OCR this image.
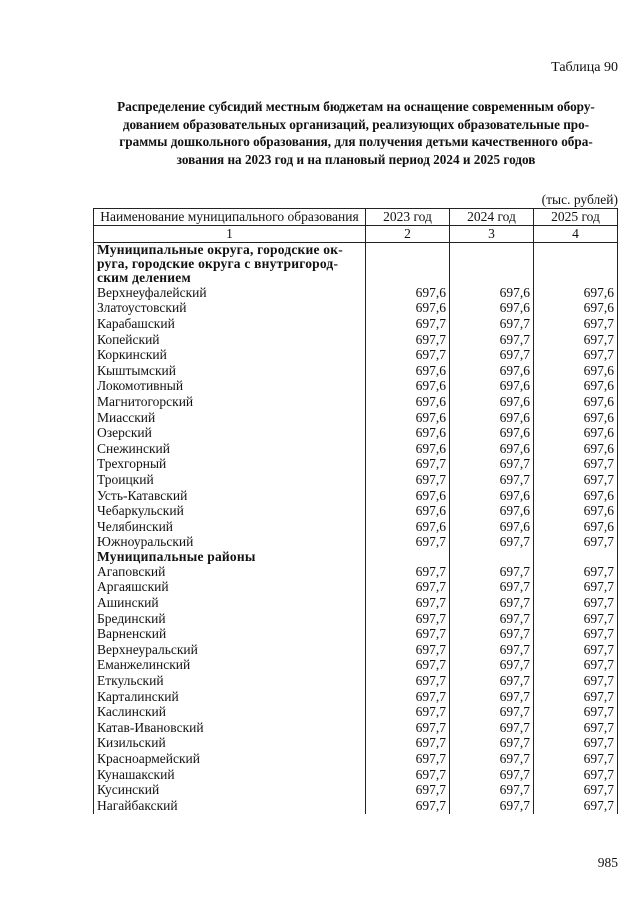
Таблица 90
Распределение субсидий местным бюджетам на оснащение современным обору-
дованием образовательных организаций, реализующих образовательные про-
граммы дошкольного образования, для получения детьми качественного обра-
зования на 2023 год и на плановый период 2024 и 2025 годов
(тыс. рублей)
Наименование муниципального образования	2023 год	2024 год	2025 год
1	2	3	4
Муниципальные округа, городские ок-			
руга, городские округа с внутригород-			
ским делением			
Верхнеуфалейский	697,6	697,6	697,6
Златоустовский	697,6	697,6	697,6
Карабашский	697,7	697,7	697,7
Копейский	697,7	697,7	697,7
Коркинский	697,7	697,7	697,7
Кыштымский	697,6	697,6	697,6
Локомотивный	697,6	697,6	697,6
Магнитогорский	697,6	697,6	697,6
Миасский	697,6	697,6	697,6
Озерский	697,6	697,6	697,6
Снежинский	697,6	697,6	697,6
Трехгорный	697,7	697,7	697,7
Троицкий	697,7	697,7	697,7
Усть-Катавский	697,6	697,6	697,6
Чебаркульский	697,6	697,6	697,6
Челябинский	697,6	697,6	697,6
Южноуральский	697,7	697,7	697,7
Муниципальные районы			
Агаповский	697,7	697,7	697,7
Аргаяшский	697,7	697,7	697,7
Ашинский	697,7	697,7	697,7
Брединский	697,7	697,7	697,7
Варненский	697,7	697,7	697,7
Верхнеуральский	697,7	697,7	697,7
Еманжелинский	697,7	697,7	697,7
Еткульский	697,7	697,7	697,7
Карталинский	697,7	697,7	697,7
Каслинский	697,7	697,7	697,7
Катав-Ивановский	697,7	697,7	697,7
Кизильский	697,7	697,7	697,7
Красноармейский	697,7	697,7	697,7
Кунашакский	697,7	697,7	697,7
Кусинский	697,7	697,7	697,7
Нагайбакский	697,7	697,7	697,7
985
